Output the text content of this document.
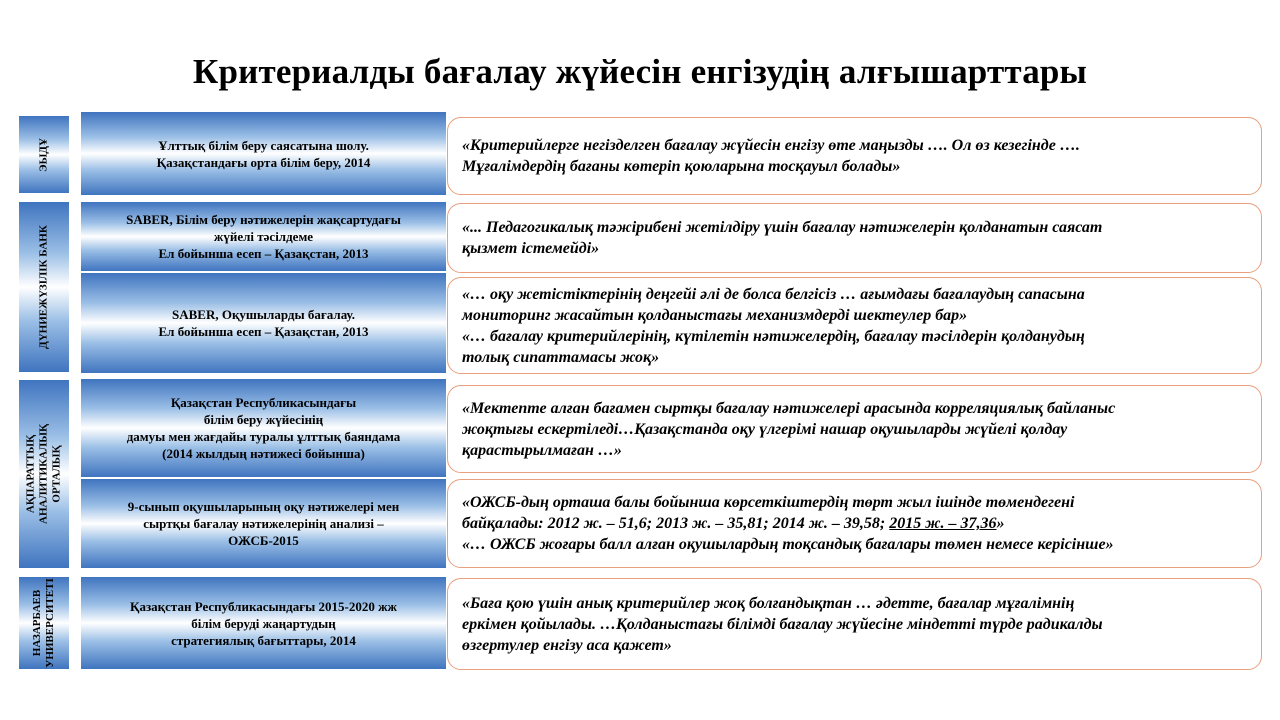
Критериалды бағалау жүйесін енгізудің алғышарттары
ЭЫДҰ
ДҮНИЕЖҮЗІЛІК БАНК
АҚПАРАТТЫҚ АНАЛИТИКАЛЫҚ
ОРТАЛЫҚ
НАЗАРБАЕВ
УНИВЕРСИТЕТІ
Ұлттық білім беру саясатына шолу.
Қазақстандағы орта білім беру, 2014
SABER, Білім беру нәтижелерін жақсартудағы
жүйелі тәсілдеме
Ел бойынша есеп – Қазақстан, 2013
SABER, Оқушыларды бағалау.
Ел бойынша есеп – Қазақстан, 2013
Қазақстан Республикасындағы
білім беру жүйесінің
дамуы мен жағдайы туралы ұлттық баяндама
(2014 жылдың нәтижесі бойынша)
9-сынып оқушыларының оқу нәтижелері мен
сыртқы бағалау нәтижелерінің анализі –
ОЖСБ-2015
Қазақстан Республикасындағы 2015-2020 жж
білім беруді жаңартудың
стратегиялық бағыттары, 2014
«Критерийлерге негізделген бағалау жүйесін енгізу өте маңызды …. Ол өз кезегінде ….
Мұғалімдердің бағаны көтеріп қоюларына тосқауыл болады»
«... Педагогикалық тәжірибені жетілдіру үшін бағалау нәтижелерін қолданатын саясат
қызмет істемейді»
«… оқу жетістіктерінің деңгейі әлі де болса белгісіз … ағымдағы бағалаудың сапасына
мониторинг жасайтын қолданыстағы механизмдерді шектеулер бар»
«… бағалау критерийлерінің, күтілетін нәтижелердің, бағалау тәсілдерін қолданудың
толық сипаттамасы жоқ»
«Мектепте алған бағамен сыртқы бағалау нәтижелері арасында корреляциялық байланыс
жоқтығы ескертіледі…Қазақстанда оқу үлгерімі нашар оқушыларды жүйелі қолдау
қарастырылмаған …»
«ОЖСБ-дың орташа балы бойынша көрсеткіштердің төрт жыл ішінде төмендегені
байқалады: 2012 ж. – 51,6; 2013 ж. – 35,81; 2014 ж. – 39,58; 2015 ж. – 37,36»
«… ОЖСБ жоғары балл алған оқушылардың тоқсандық бағалары төмен немесе керісінше»
«Баға қою үшін анық критерийлер жоқ болғандықтан … әдетте, бағалар мұғалімнің
еркімен қойылады. …Қолданыстағы білімді бағалау жүйесіне міндетті түрде радикалды
өзгертулер енгізу аса қажет»
